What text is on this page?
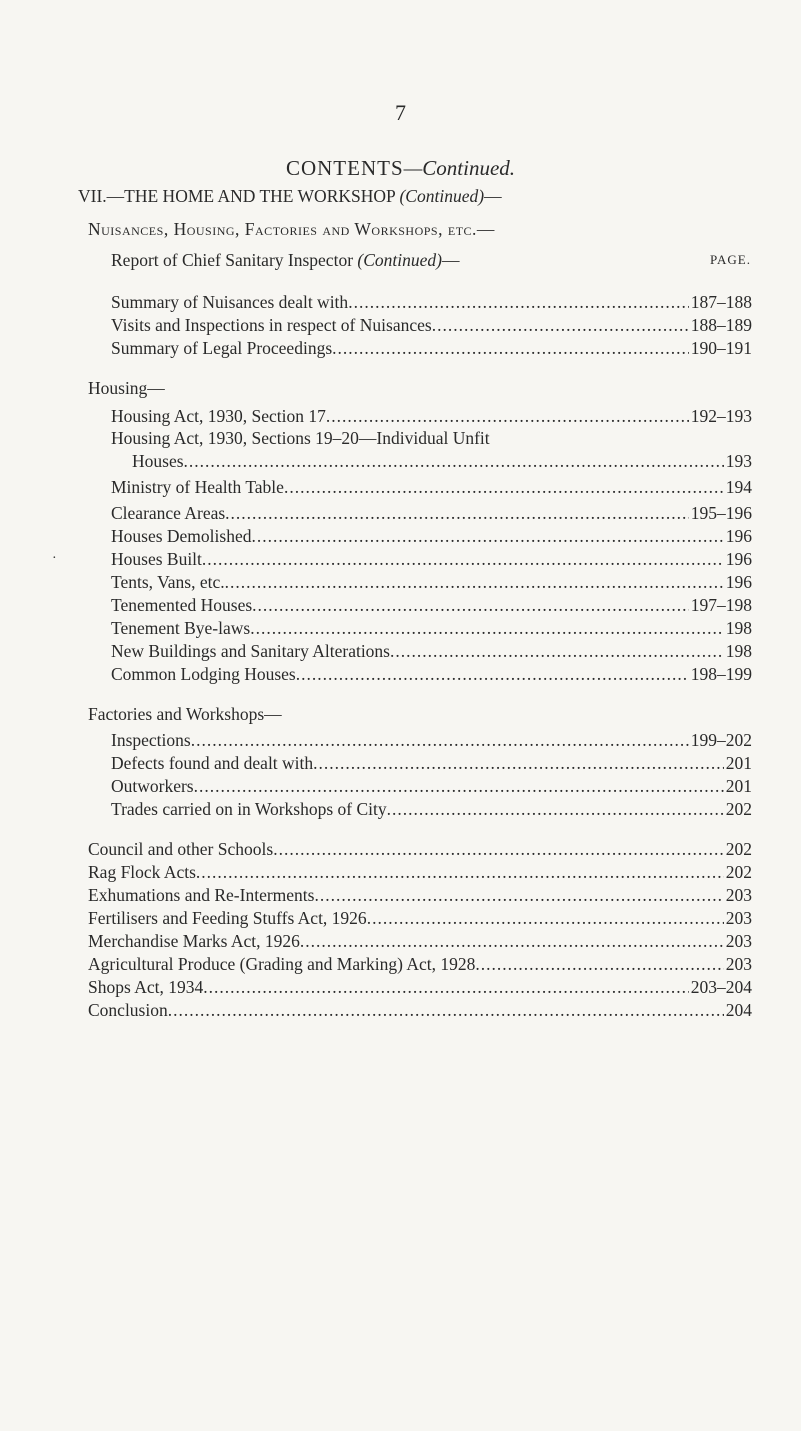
7
CONTENTS—Continued.
VII.—THE HOME AND THE WORKSHOP (Continued)—
Nuisances, Housing, Factories and Workshops, etc.—
Report of Chief Sanitary Inspector (Continued)—	PAGE.
Summary of Nuisances dealt with .....	187–188
Visits and Inspections in respect of Nuisances .....	188–189
Summary of Legal Proceedings .....	190–191
Housing—
Housing Act, 1930, Section 17 .....	192–193
Housing Act, 1930, Sections 19–20—Individual Unfit
Houses .....	193
Ministry of Health Table .....	194
Clearance Areas .....	195–196
Houses Demolished .....	196
·	Houses Built .....	196
Tents, Vans, etc. .....	196
Tenemented Houses .....	197–198
Tenement Bye-laws .....	198
New Buildings and Sanitary Alterations .....	198
Common Lodging Houses .....	198–199
Factories and Workshops—
Inspections .....	199–202
Defects found and dealt with .....	201
Outworkers .....	201
Trades carried on in Workshops of City .....	202
Council and other Schools .....	202
Rag Flock Acts .....	202
Exhumations and Re-Interments .....	203
Fertilisers and Feeding Stuffs Act, 1926 .....	203
Merchandise Marks Act, 1926 .....	203
Agricultural Produce (Grading and Marking) Act, 1928 .....	203
Shops Act, 1934 .....	203–204
Conclusion .....	204
